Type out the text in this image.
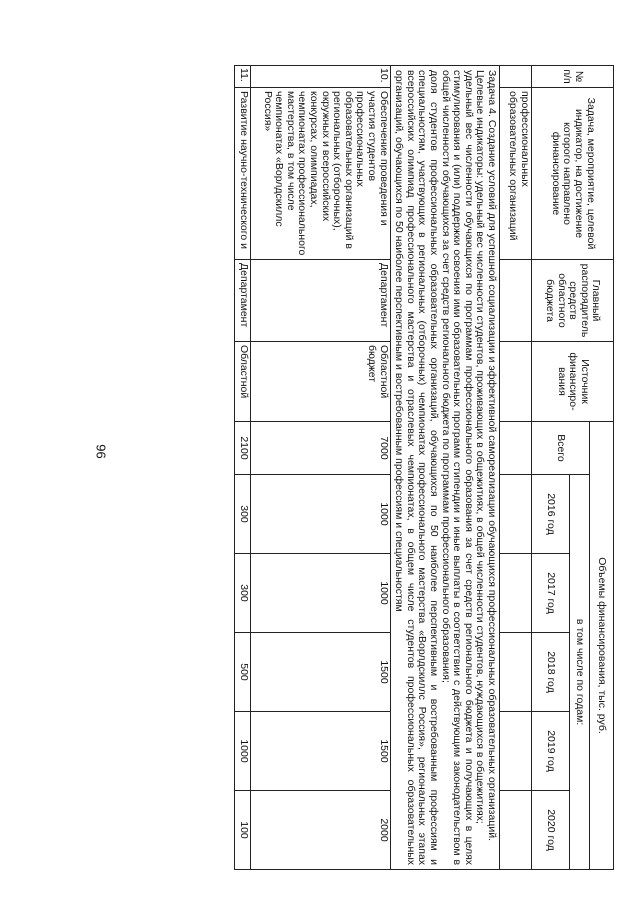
96
№ п/п	Задача, мероприятие, целевой индикатор, на достижение которого направлено финансирование	Главный распорядитель средств областного бюджета	Источник финансиро-вания	Объемы финансирования, тыс. руб.					
				Всего	в том числе по годам:				
					2016 год	2017 год	2018 год	2019 год	2020 год
	профессиональных образовательных организаций								

Задача 4. Создание условий для успешной социализации и эффективной самореализации обучающихся профессиональных образовательных организаций.

Целевые индикаторы: удельный вес численности студентов, проживающих в общежитиях, в общей численности студентов, нуждающихся в общежитиях;

удельный вес численности обучающихся по программам профессионального образования за счет средств регионального бюджета и получающих в целях стимулирования и (или) поддержки освоения ими образовательных программ стипендии и иные выплаты в соответствии с действующим законодательством в общей численности обучающихся за счет средств регионального бюджета по программам профессионального образования;

доля студентов профессиональных образовательных организаций, обучающихся по 50 наиболее перспективным и востребованным профессиям и специальностям, участвующих в региональных (отборочных) чемпионатах профессионального мастерства «Ворлдскиллс Россия», региональных этапах всероссийских олимпиад профессионального мастерства и отраслевых чемпионатах, в общем числе студентов профессиональных образовательных организаций, обучающихся по 50 наиболее перспективным и востребованным профессиям и специальностям									

10.	Обеспечение проведения и участия студентов профессиональных образовательных организаций в региональных (отборочных), окружных и всероссийских конкурсах, олимпиадах, чемпионатах профессионального мастерства, в том числе чемпионатах «Ворлдскиллс Россия»	Департамент	Областной бюджет	7000	1000	1000	1500	1500	2000
11.	Развитие научно-технического и	Департамент	Областной	2100	300	300	500	1000	100
